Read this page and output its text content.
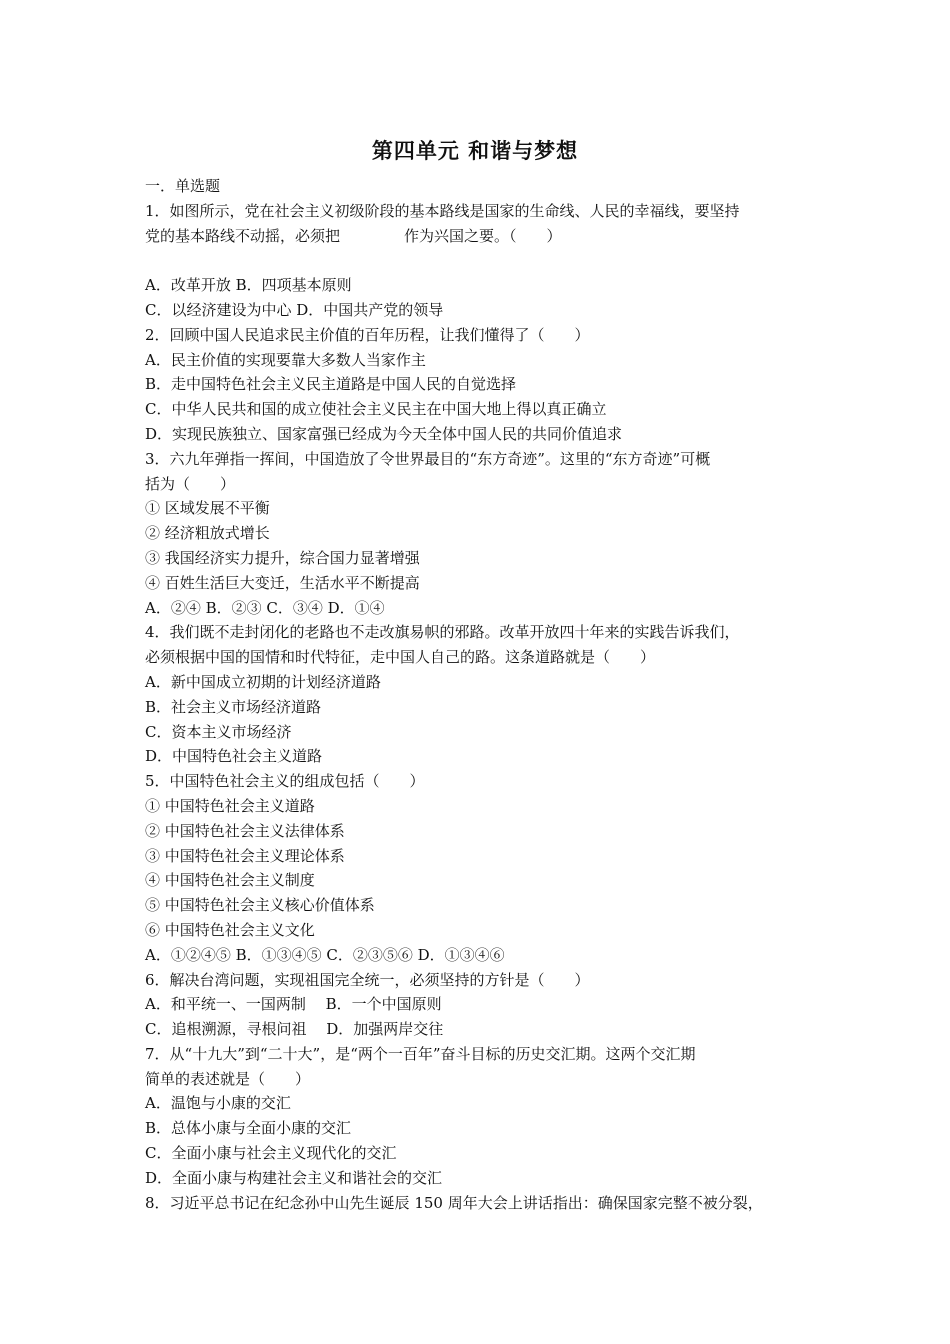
第四单元 和谐与梦想
一．单选题
1．如图所示，党在社会主义初级阶段的基本路线是国家的生命线、人民的幸福线，要坚持
党的基本路线不动摇，必须把	作为兴国之要。（　　）
A．改革开放 B．四项基本原则
C．以经济建设为中心 D．中国共产党的领导
2．回顾中国人民追求民主价值的百年历程，让我们懂得了（　　）
A．民主价值的实现要靠大多数人当家作主
B．走中国特色社会主义民主道路是中国人民的自觉选择
C．中华人民共和国的成立使社会主义民主在中国大地上得以真正确立
D．实现民族独立、国家富强已经成为今天全体中国人民的共同价值追求
3．六九年弹指一挥间，中国造放了令世界最目的“东方奇迹”。这里的“东方奇迹”可概
括为（　　）
① 区域发展不平衡
② 经济粗放式增长
③ 我国经济实力提升，综合国力显著增强
④ 百姓生活巨大变迁，生活水平不断提高
A．②④ B．②③ C．③④ D．①④
4．我们既不走封闭化的老路也不走改旗易帜的邪路。改革开放四十年来的实践告诉我们，
必须根据中国的国情和时代特征，走中国人自己的路。这条道路就是（　　）
A．新中国成立初期的计划经济道路
B．社会主义市场经济道路
C．资本主义市场经济
D．中国特色社会主义道路
5．中国特色社会主义的组成包括（　　）
① 中国特色社会主义道路
② 中国特色社会主义法律体系
③ 中国特色社会主义理论体系
④ 中国特色社会主义制度
⑤ 中国特色社会主义核心价值体系
⑥ 中国特色社会主义文化
A．①②④⑤ B．①③④⑤ C．②③⑤⑥ D．①③④⑥
6．解决台湾问题，实现祖国完全统一，必须坚持的方针是（　　）
A．和平统一、一国两制　 B．一个中国原则
C．追根溯源，寻根问祖　 D．加强两岸交往
7．从“十九大”到“二十大”，是“两个一百年”奋斗目标的历史交汇期。这两个交汇期
简单的表述就是（　　）
A．温饱与小康的交汇
B．总体小康与全面小康的交汇
C．全面小康与社会主义现代化的交汇
D．全面小康与构建社会主义和谐社会的交汇
8．习近平总书记在纪念孙中山先生诞辰 150 周年大会上讲话指出：确保国家完整不被分裂，
